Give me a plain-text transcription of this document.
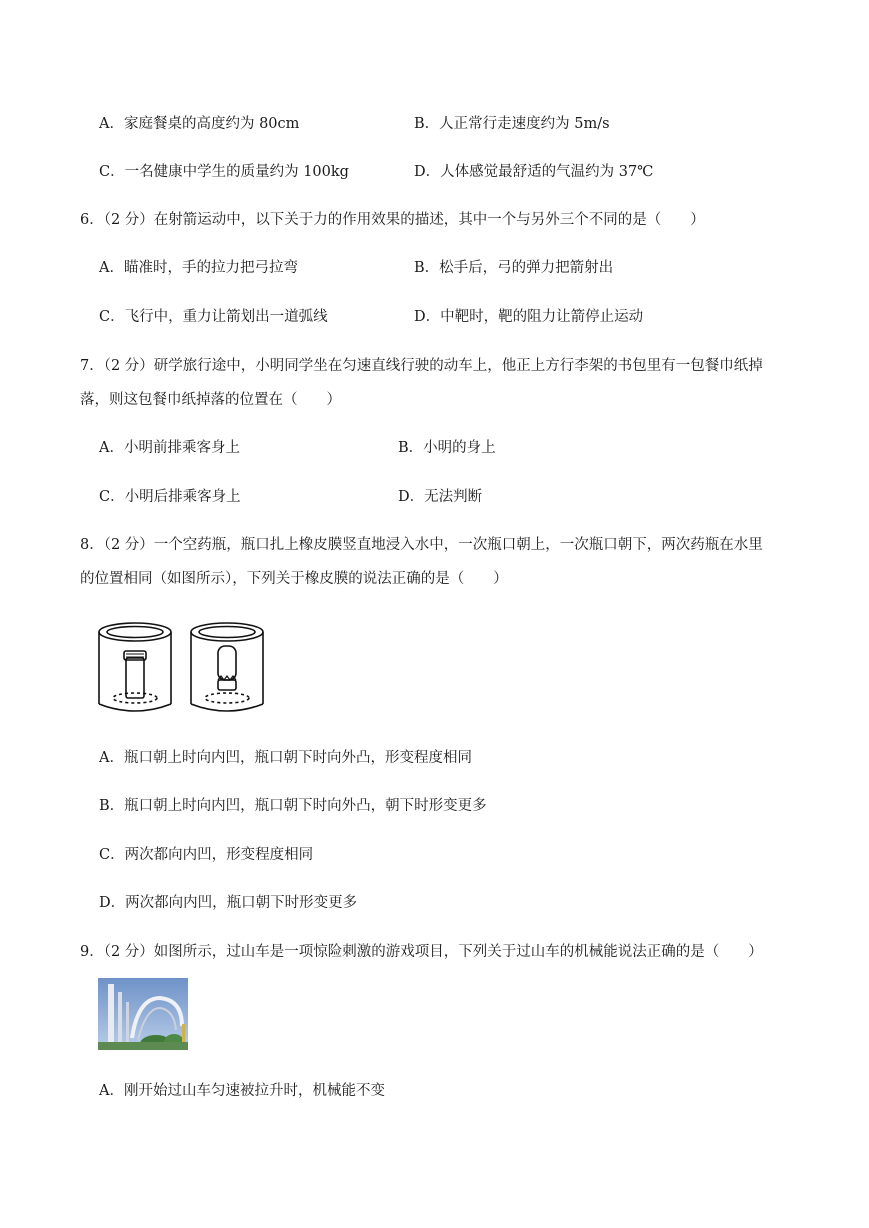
A．家庭餐桌的高度约为 80cm	B．人正常行走速度约为 5m/s
C．一名健康中学生的质量约为 100kg	D．人体感觉最舒适的气温约为 37℃
6．（2 分）在射箭运动中，以下关于力的作用效果的描述，其中一个与另外三个不同的是（　　）
A．瞄准时，手的拉力把弓拉弯	B．松手后，弓的弹力把箭射出
C．飞行中，重力让箭划出一道弧线	D．中靶时，靶的阻力让箭停止运动
7．（2 分）研学旅行途中，小明同学坐在匀速直线行驶的动车上，他正上方行李架的书包里有一包餐巾纸掉
落，则这包餐巾纸掉落的位置在（　　）
A．小明前排乘客身上	B．小明的身上
C．小明后排乘客身上	D．无法判断
8．（2 分）一个空药瓶，瓶口扎上橡皮膜竖直地浸入水中，一次瓶口朝上，一次瓶口朝下，两次药瓶在水里
的位置相同（如图所示），下列关于橡皮膜的说法正确的是（　　）
A．瓶口朝上时向内凹，瓶口朝下时向外凸，形变程度相同
B．瓶口朝上时向内凹，瓶口朝下时向外凸，朝下时形变更多
C．两次都向内凹，形变程度相同
D．两次都向内凹，瓶口朝下时形变更多
9．（2 分）如图所示，过山车是一项惊险刺激的游戏项目，下列关于过山车的机械能说法正确的是（　　）
A．刚开始过山车匀速被拉升时，机械能不变
